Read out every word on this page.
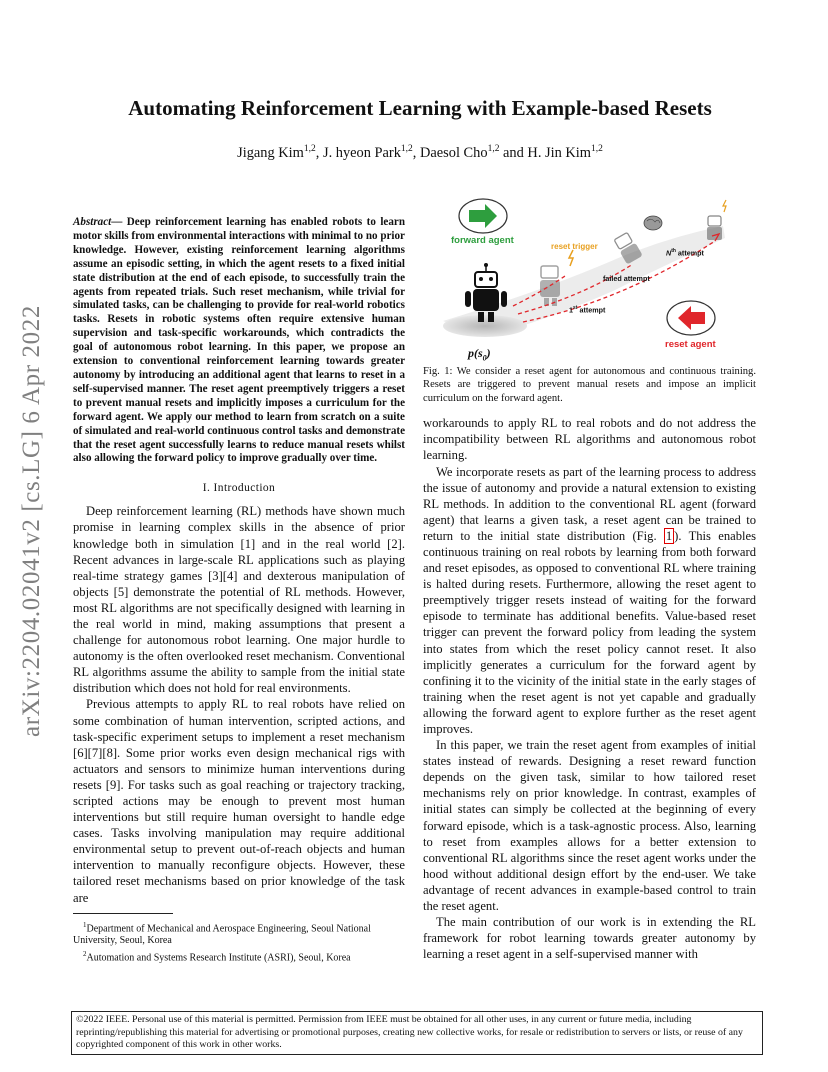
arXiv:2204.02041v2 [cs.LG] 6 Apr 2022
Automating Reinforcement Learning with Example-based Resets
Jigang Kim$^{1,2}$, J. hyeon Park$^{1,2}$, Daesol Cho$^{1,2}$ and H. Jin Kim$^{1,2}$

Abstract— Deep reinforcement learning has enabled robots to learn motor skills from environmental interactions with minimal to no prior knowledge. However, existing reinforcement learning algorithms assume an episodic setting, in which the agent resets to a fixed initial state distribution at the end of each episode, to successfully train the agents from repeated trials. Such reset mechanism, while trivial for simulated tasks, can be challenging to provide for real-world robotics tasks. Resets in robotic systems often require extensive human supervision and task-specific workarounds, which contradicts the goal of autonomous robot learning. In this paper, we propose an extension to conventional reinforcement learning towards greater autonomy by introducing an additional agent that learns to reset in a self-supervised manner. The reset agent preemptively triggers a reset to prevent manual resets and implicitly imposes a curriculum for the forward agent. We apply our method to learn from scratch on a suite of simulated and real-world continuous control tasks and demonstrate that the reset agent successfully learns to reduce manual resets whilst also allowing the forward policy to improve gradually over time.

I. Introduction

Deep reinforcement learning (RL) methods have shown much promise in learning complex skills in the absence of prior knowledge both in simulation [1] and in the real world [2]. Recent advances in large-scale RL applications such as playing real-time strategy games [3][4] and dexterous manipulation of objects [5] demonstrate the potential of RL methods. However, most RL algorithms are not specifically designed with learning in the real world in mind, making assumptions that present a challenge for autonomous robot learning. One major hurdle to autonomy is the often overlooked reset mechanism. Conventional RL algorithms assume the ability to sample from the initial state distribution which does not hold for real environments.

Previous attempts to apply RL to real robots have relied on some combination of human intervention, scripted actions, and task-specific experiment setups to implement a reset mechanism [6][7][8]. Some prior works even design mechanical rigs with actuators and sensors to minimize human interventions during resets [9]. For tasks such as goal reaching or trajectory tracking, scripted actions may be enough to prevent most human interventions but still require human oversight to handle edge cases. Tasks involving manipulation may require additional environmental setup to prevent out-of-reach objects and human intervention to manually reconfigure objects. However, these tailored reset mechanisms based on prior knowledge of the task are

$^1$Department of Mechanical and Aerospace Engineering, Seoul National University, Seoul, Korea

$^2$Automation and Systems Research Institute (ASRI), Seoul, Korea

forward agent
reset trigger
$N^{th}$ attempt
failed attempt
1st attempt
reset agent
$p(s_0)$

Fig. 1: We consider a reset agent for autonomous and continuous training. Resets are triggered to prevent manual resets and impose an implicit curriculum on the forward agent.

workarounds to apply RL to real robots and do not address the incompatibility between RL algorithms and autonomous robot learning.

We incorporate resets as part of the learning process to address the issue of autonomy and provide a natural extension to existing RL methods. In addition to the conventional RL agent (forward agent) that learns a given task, a reset agent can be trained to return to the initial state distribution (Fig. 1 ). This enables continuous training on real robots by learning from both forward and reset episodes, as opposed to conventional RL where training is halted during resets. Furthermore, allowing the reset agent to preemptively trigger resets instead of waiting for the forward episode to terminate has additional benefits. Value-based reset trigger can prevent the forward policy from leading the system into states from which the reset policy cannot reset. It also implicitly generates a curriculum for the forward agent by confining it to the vicinity of the initial state in the early stages of training when the reset agent is not yet capable and gradually allowing the forward agent to explore further as the reset agent improves.

In this paper, we train the reset agent from examples of initial states instead of rewards. Designing a reset reward function depends on the given task, similar to how tailored reset mechanisms rely on prior knowledge. In contrast, examples of initial states can simply be collected at the beginning of every forward episode, which is a task-agnostic process. Also, learning to reset from examples allows for a better extension to conventional RL algorithms since the reset agent works under the hood without additional design effort by the end-user. We take advantage of recent advances in example-based control to train the reset agent.

The main contribution of our work is in extending the RL framework for robot learning towards greater autonomy by learning a reset agent in a self-supervised manner with

©2022 IEEE. Personal use of this material is permitted. Permission from IEEE must be obtained for all other uses, in any current or future media, including reprinting/republishing this material for advertising or promotional purposes, creating new collective works, for resale or redistribution to servers or lists, or reuse of any copyrighted component of this work in other works.
